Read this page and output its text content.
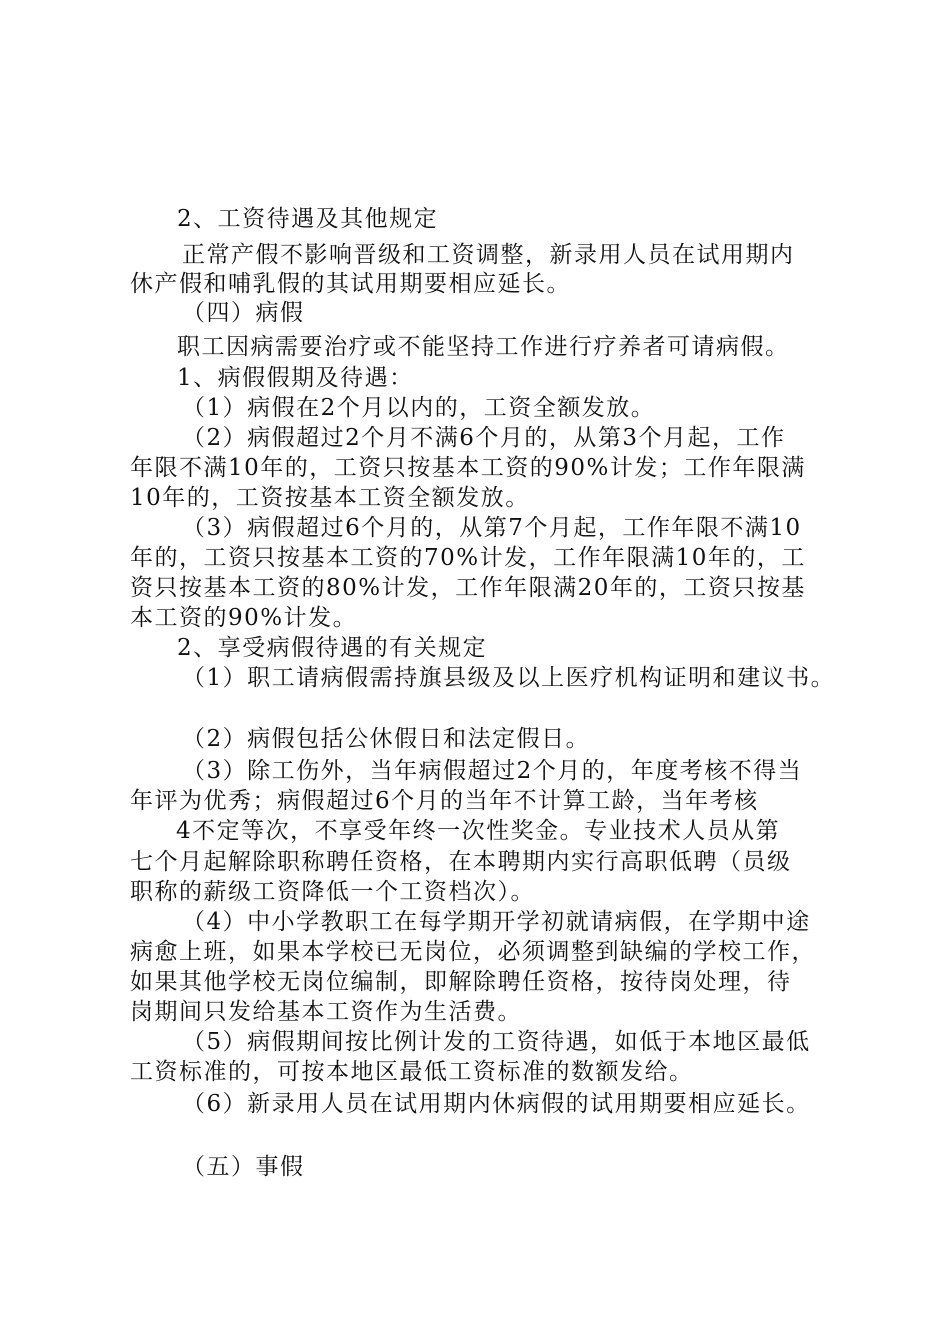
2、工资待遇及其他规定
正常产假不影响晋级和工资调整，新录用人员在试用期内
休产假和哺乳假的其试用期要相应延长。
（四）病假
职工因病需要治疗或不能坚持工作进行疗养者可请病假。
1、病假假期及待遇：
（1）病假在2个月以内的，工资全额发放。
（2）病假超过2个月不满6个月的，从第3个月起，工作
年限不满10年的，工资只按基本工资的90%计发；工作年限满
10年的，工资按基本工资全额发放。
（3）病假超过6个月的，从第7个月起，工作年限不满10
年的，工资只按基本工资的70%计发，工作年限满10年的，工
资只按基本工资的80%计发，工作年限满20年的，工资只按基
本工资的90%计发。
2、享受病假待遇的有关规定
（1）职工请病假需持旗县级及以上医疗机构证明和建议书。
（2）病假包括公休假日和法定假日。
（3）除工伤外，当年病假超过2个月的，年度考核不得当
年评为优秀；病假超过6个月的当年不计算工龄，当年考核
4不定等次，不享受年终一次性奖金。专业技术人员从第
七个月起解除职称聘任资格，在本聘期内实行高职低聘（员级
职称的薪级工资降低一个工资档次）。
（4）中小学教职工在每学期开学初就请病假，在学期中途
病愈上班，如果本学校已无岗位，必须调整到缺编的学校工作，
如果其他学校无岗位编制，即解除聘任资格，按待岗处理，待
岗期间只发给基本工资作为生活费。
（5）病假期间按比例计发的工资待遇，如低于本地区最低
工资标准的，可按本地区最低工资标准的数额发给。
（6）新录用人员在试用期内休病假的试用期要相应延长。
（五）事假
